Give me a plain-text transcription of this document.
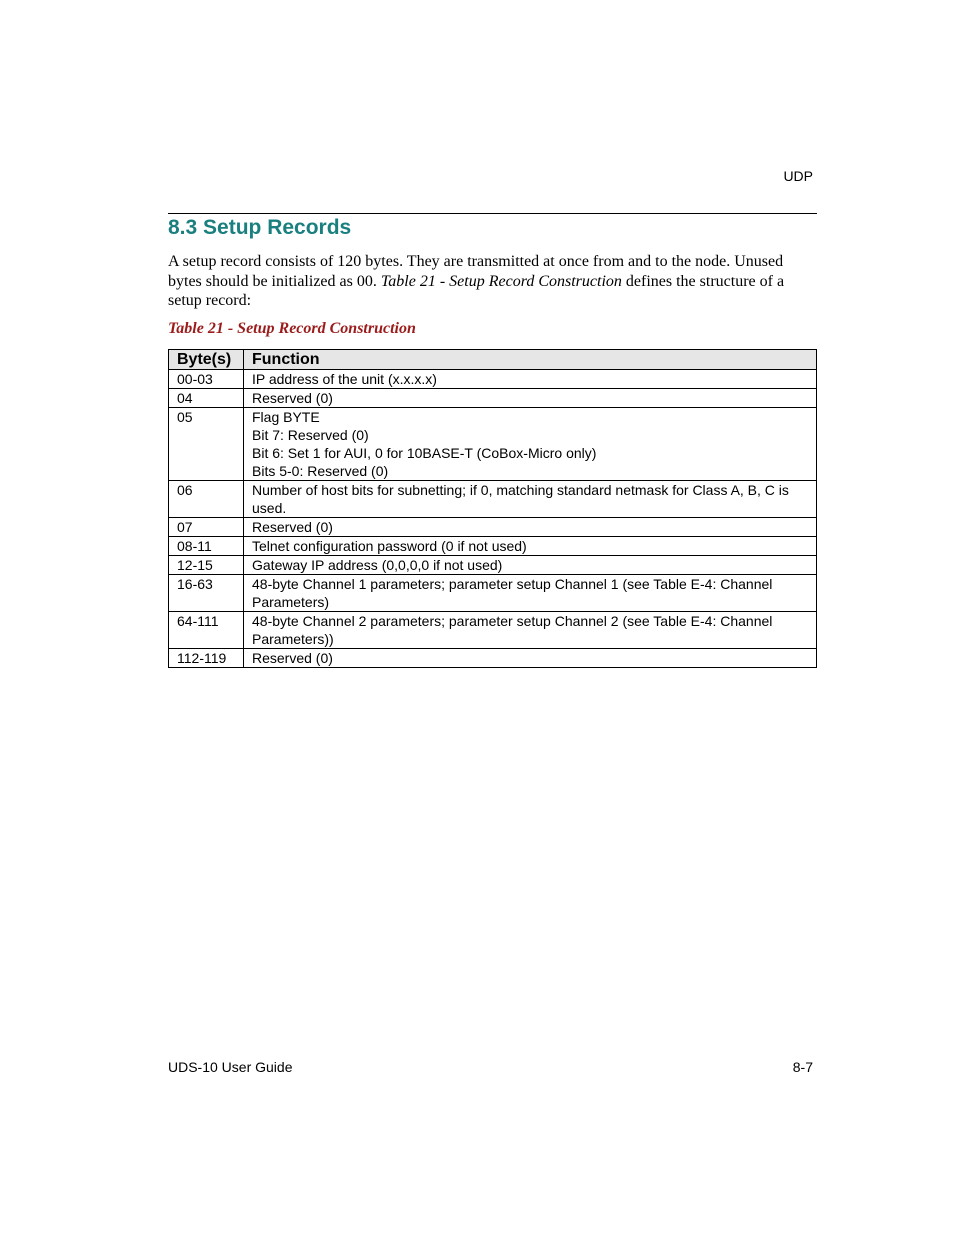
UDP
8.3 Setup Records

A setup record consists of 120 bytes. They are transmitted at once from and to the node. Unused bytes should be initialized as 00. Table 21 - Setup Record Construction defines the structure of a setup record:

Table 21 - Setup Record Construction
Byte(s)	Function
00-03	IP address of the unit (x.x.x.x)

04	Reserved (0)

05	Flag BYTE
Bit 7: Reserved (0)
Bit 6: Set 1 for AUI, 0 for 10BASE-T (CoBox-Micro only)
Bits 5-0: Reserved (0)

06	Number of host bits for subnetting; if 0, matching standard netmask for Class A, B, C is used.

07	Reserved (0)

08-11	Telnet configuration password (0 if not used)

12-15	Gateway IP address (0,0,0,0 if not used)

16-63	48-byte Channel 1 parameters; parameter setup Channel 1 (see Table E-4: Channel Parameters)

64-111	48-byte Channel 2 parameters; parameter setup Channel 2 (see Table E-4: Channel Parameters))

112-119	Reserved (0)
UDS-10 User Guide	8-7
